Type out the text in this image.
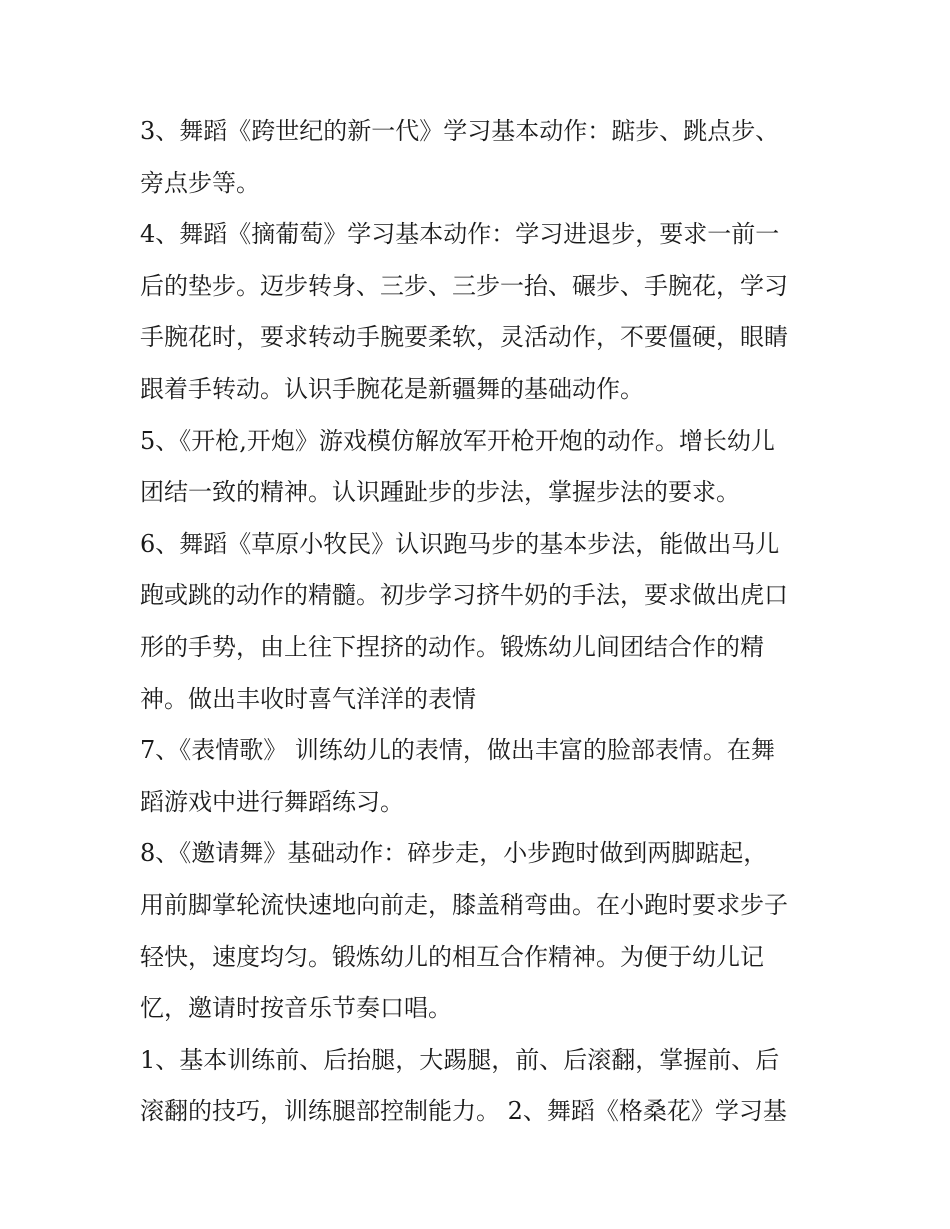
3、舞蹈《跨世纪的新一代》学习基本动作：踮步、跳点步、
旁点步等。
4、舞蹈《摘葡萄》学习基本动作：学习进退步，要求一前一
后的垫步。迈步转身、三步、三步一抬、碾步、手腕花，学习
手腕花时，要求转动手腕要柔软，灵活动作，不要僵硬，眼睛
跟着手转动。认识手腕花是新疆舞的基础动作。
5、《开枪,开炮》游戏模仿解放军开枪开炮的动作。增长幼儿
团结一致的精神。认识踵趾步的步法，掌握步法的要求。
6、舞蹈《草原小牧民》认识跑马步的基本步法，能做出马儿
跑或跳的动作的精髓。初步学习挤牛奶的手法，要求做出虎口
形的手势，由上往下捏挤的动作。锻炼幼儿间团结合作的精
神。做出丰收时喜气洋洋的表情
7、《表情歌》 训练幼儿的表情，做出丰富的脸部表情。在舞
蹈游戏中进行舞蹈练习。
8、《邀请舞》基础动作：碎步走，小步跑时做到两脚踮起，
用前脚掌轮流快速地向前走，膝盖稍弯曲。在小跑时要求步子
轻快，速度均匀。锻炼幼儿的相互合作精神。为便于幼儿记
忆，邀请时按音乐节奏口唱。
1、基本训练前、后抬腿，大踢腿，前、后滚翻，掌握前、后
滚翻的技巧，训练腿部控制能力。 2、舞蹈《格桑花》学习基
